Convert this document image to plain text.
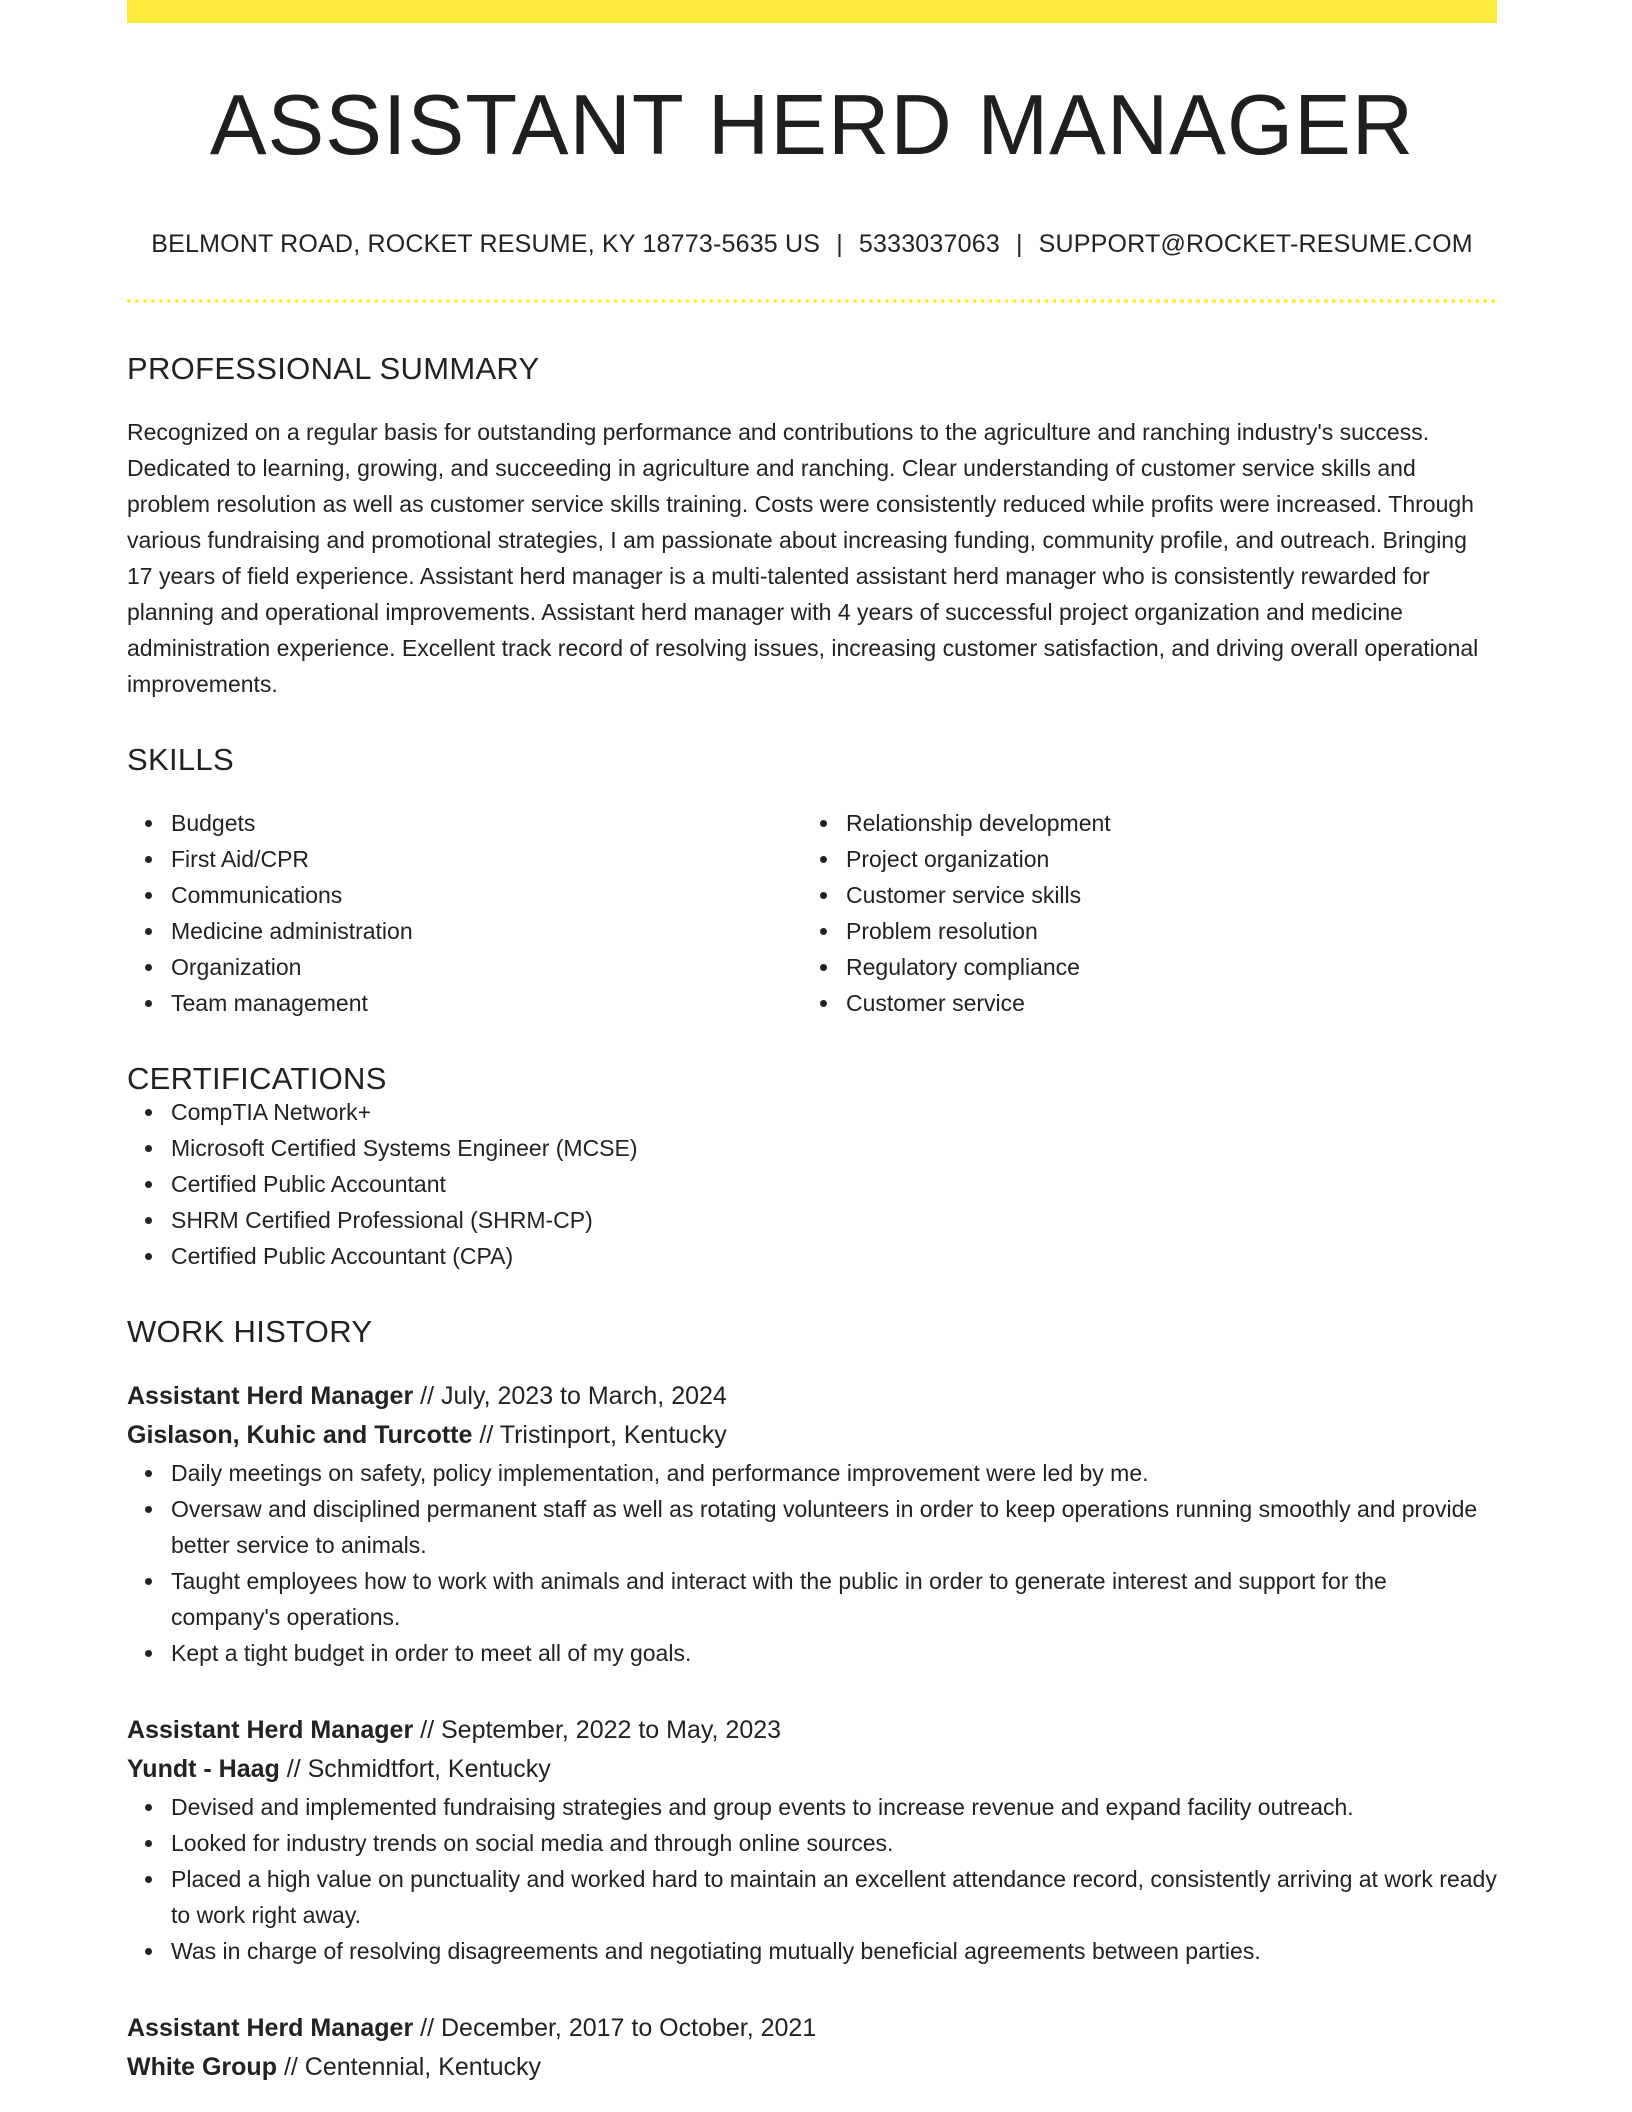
ASSISTANT HERD MANAGER
BELMONT ROAD, ROCKET RESUME, KY 18773-5635 US | 5333037063 | SUPPORT@ROCKET-RESUME.COM
PROFESSIONAL SUMMARY

Recognized on a regular basis for outstanding performance and contributions to the agriculture and ranching industry's success. Dedicated to learning, growing, and succeeding in agriculture and ranching. Clear understanding of customer service skills and problem resolution as well as customer service skills training. Costs were consistently reduced while profits were increased. Through various fundraising and promotional strategies, I am passionate about increasing funding, community profile, and outreach. Bringing 17 years of field experience. Assistant herd manager is a multi-talented assistant herd manager who is consistently rewarded for planning and operational improvements. Assistant herd manager with 4 years of successful project organization and medicine administration experience. Excellent track record of resolving issues, increasing customer satisfaction, and driving overall operational improvements.

SKILLS
Budgets
First Aid/CPR
Communications
Medicine administration
Organization
Team management
Relationship development
Project organization
Customer service skills
Problem resolution
Regulatory compliance
Customer service
CERTIFICATIONS
CompTIA Network+
Microsoft Certified Systems Engineer (MCSE)
Certified Public Accountant
SHRM Certified Professional (SHRM-CP)
Certified Public Accountant (CPA)
WORK HISTORY
Assistant Herd Manager // July, 2023 to March, 2024
Gislason, Kuhic and Turcotte // Tristinport, Kentucky
Daily meetings on safety, policy implementation, and performance improvement were led by me.
Oversaw and disciplined permanent staff as well as rotating volunteers in order to keep operations running smoothly and provide better service to animals.
Taught employees how to work with animals and interact with the public in order to generate interest and support for the company's operations.
Kept a tight budget in order to meet all of my goals.
Assistant Herd Manager // September, 2022 to May, 2023
Yundt - Haag // Schmidtfort, Kentucky
Devised and implemented fundraising strategies and group events to increase revenue and expand facility outreach.
Looked for industry trends on social media and through online sources.
Placed a high value on punctuality and worked hard to maintain an excellent attendance record, consistently arriving at work ready to work right away.
Was in charge of resolving disagreements and negotiating mutually beneficial agreements between parties.
Assistant Herd Manager // December, 2017 to October, 2021
White Group // Centennial, Kentucky
